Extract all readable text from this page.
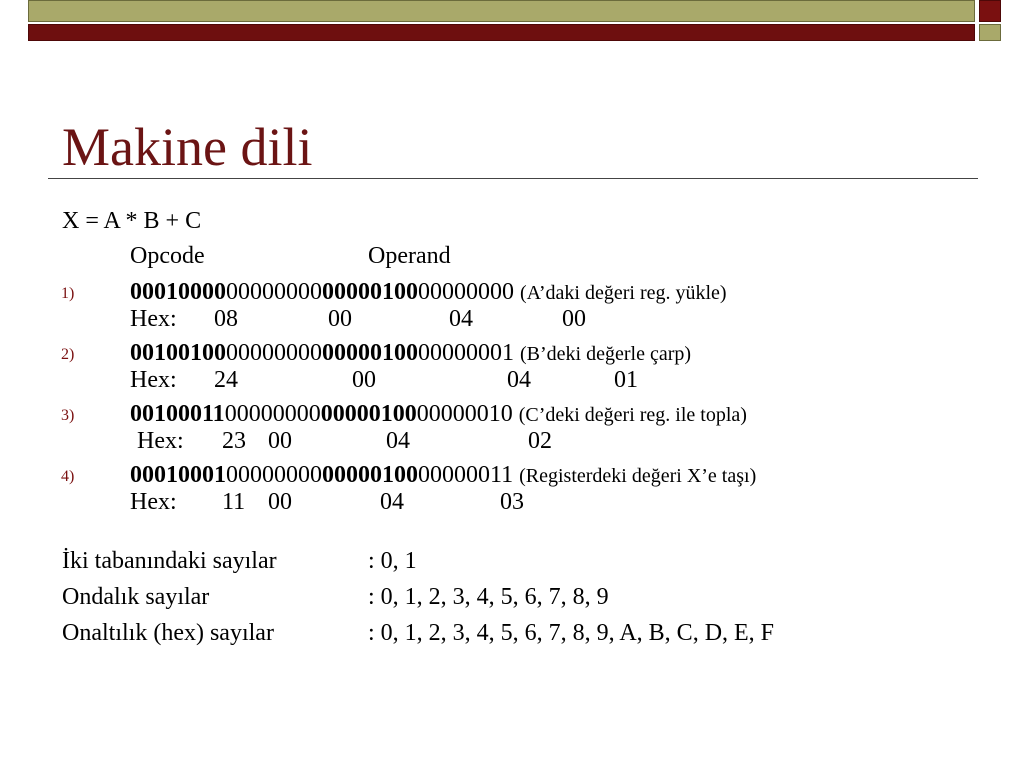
Makine dili
X = A * B + C
Opcode	Operand
1) 00010000000000000000010000000000 (A’daki değeri reg. yükle)
Hex: 08	00	04	00
2) 00100100000000000000010000000001 (B’deki değerle çarp)
Hex: 24	00	04	01
3) 00100011000000000000010000000010 (C’deki değeri reg. ile topla)
Hex: 23 00	04	02
4) 00010001000000000000010000000011 (Registerdeki değeri X’e taşı)
Hex: 11 00	04	03
İki tabanındaki sayılar	: 0, 1
Ondalık sayılar	: 0, 1, 2, 3, 4, 5, 6, 7, 8, 9
Onaltılık (hex) sayılar	: 0, 1, 2, 3, 4, 5, 6, 7, 8, 9, A, B, C, D, E, F
